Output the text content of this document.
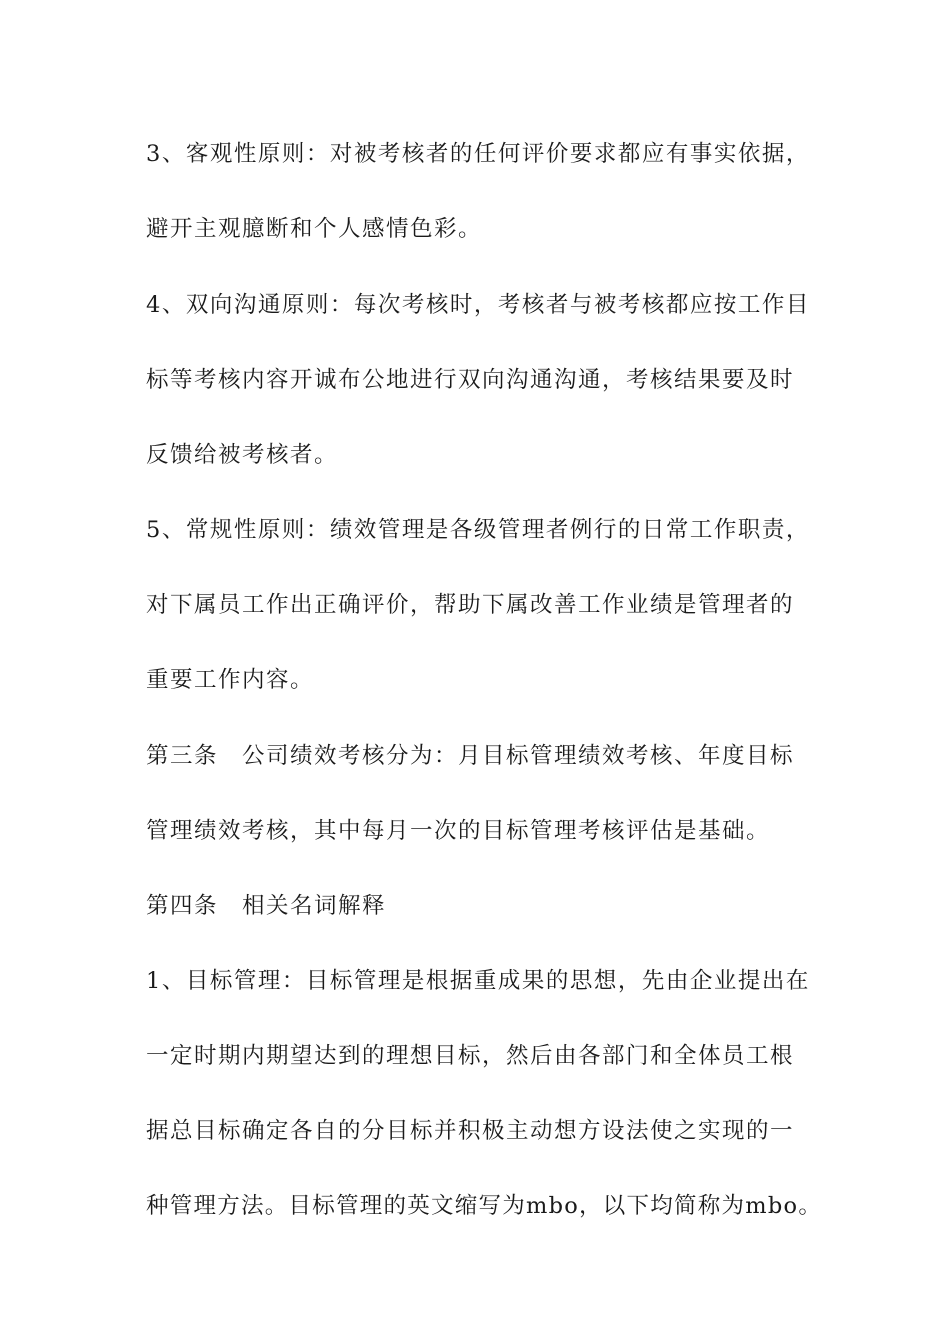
3、客观性原则：对被考核者的任何评价要求都应有事实依据，
避开主观臆断和个人感情色彩。
4、双向沟通原则：每次考核时，考核者与被考核都应按工作目
标等考核内容开诚布公地进行双向沟通沟通，考核结果要及时
反馈给被考核者。
5、常规性原则：绩效管理是各级管理者例行的日常工作职责，
对下属员工作出正确评价，帮助下属改善工作业绩是管理者的
重要工作内容。
第三条　公司绩效考核分为：月目标管理绩效考核、年度目标
管理绩效考核，其中每月一次的目标管理考核评估是基础。
第四条　相关名词解释
1、目标管理：目标管理是根据重成果的思想，先由企业提出在
一定时期内期望达到的理想目标，然后由各部门和全体员工根
据总目标确定各自的分目标并积极主动想方设法使之实现的一
种管理方法。目标管理的英文缩写为mbo，以下均简称为mbo。
